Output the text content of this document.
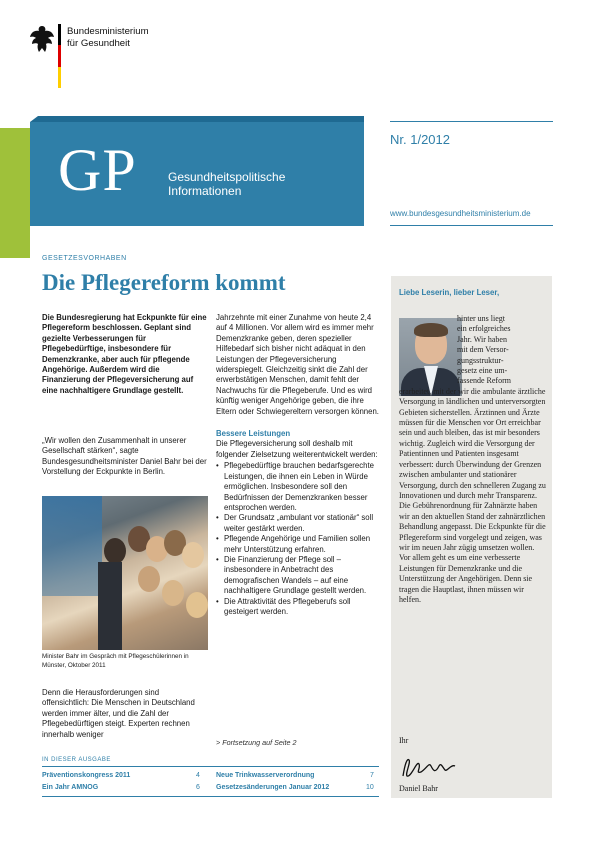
Bundesministerium
für Gesundheit
GP	Gesundheitspolitische
Informationen
Nr. 1/2012
www.bundesgesundheitsministerium.de
GESETZESVORHABEN
Die Pflegereform kommt

Die Bundesregierung hat Eckpunkte für eine Pflegereform beschlossen. Geplant sind gezielte Verbesserungen für Pflegebedürftige, insbesondere für Demenzkranke, aber auch für pflegende Angehörige. Außerdem wird die Finanzierung der Pflegeversicherung auf eine nachhaltigere Grundlage gestellt.

„Wir wollen den Zusammenhalt in unserer Gesellschaft stärken“, sagte Bundesgesundheitsminister Daniel Bahr bei der Vorstellung der Eckpunkte in Berlin.

Minister Bahr im Gespräch mit Pflegeschülerinnen in Münster, Oktober 2011

Denn die Herausforderungen sind offensichtlich: Die Menschen in Deutschland werden immer älter, und die Zahl der Pflegebedürftigen steigt. Experten rechnen innerhalb weniger

Jahrzehnte mit einer Zunahme von heute 2,4 auf 4 Millionen. Vor allem wird es immer mehr Demenzkranke geben, deren spezieller Hilfebedarf sich bisher nicht adäquat in den Leistungen der Pflegeversicherung widerspiegelt. Gleichzeitig sinkt die Zahl der erwerbstätigen Menschen, damit fehlt der Nachwuchs für die Pflegeberufe. Und es wird künftig weniger Angehörige geben, die ihre Eltern oder Schwiegereltern versorgen können.

Bessere Leistungen

Die Pflegeversicherung soll deshalb mit folgender Zielsetzung weiterentwickelt werden:

• Pflegebedürftige brauchen bedarfsgerechte Leistungen, die ihnen ein Leben in Würde ermöglichen. Insbesondere soll den Bedürfnissen der Demenzkranken besser entsprochen werden.
• Der Grundsatz „ambulant vor stationär“ soll weiter gestärkt werden.
• Pflegende Angehörige und Familien sollen mehr Unterstützung erfahren.
• Die Finanzierung der Pflege soll – insbesondere in Anbetracht des demografischen Wandels – auf eine nachhaltigere Grundlage gestellt werden.
• Die Attraktivität des Pflegeberufs soll gesteigert werden.
> Fortsetzung auf Seite 2
Liebe Leserin, lieber Leser,
hinter uns liegt
ein erfolgreiches
Jahr. Wir haben
mit dem Versor-
gungsstruktur-
gesetz eine um-
fassende Reform
erarbeitet, mit der wir die ambulante ärztliche Versorgung in ländlichen und unterversorgten Gebieten sicherstellen. Ärztinnen und Ärzte müssen für die Menschen vor Ort erreichbar sein und auch bleiben, das ist mir besonders wichtig. Zugleich wird die Versorgung der Patientinnen und Patienten insgesamt verbessert: durch Überwindung der Grenzen zwischen ambulanter und stationärer Versorgung, durch den schnelleren Zugang zu Innovationen und durch mehr Transparenz. Die Gebührenordnung für Zahnärzte haben wir an den aktuellen Stand der zahnärztlichen Behandlung angepasst. Die Eckpunkte für die Pflegereform sind vorgelegt und zeigen, was wir im neuen Jahr zügig umsetzen wollen. Vor allem geht es um eine verbesserte Leistungen für Demenzkranke und die Unterstützung der Angehörigen. Denn sie tragen die Hauptlast, ihnen müssen wir helfen.
Ihr
Daniel Bahr
IN DIESER AUSGABE
Präventionskongress 2011	4
Ein Jahr AMNOG	6
Neue Trinkwasserverordnung	7
Gesetzesänderungen Januar 2012	10
